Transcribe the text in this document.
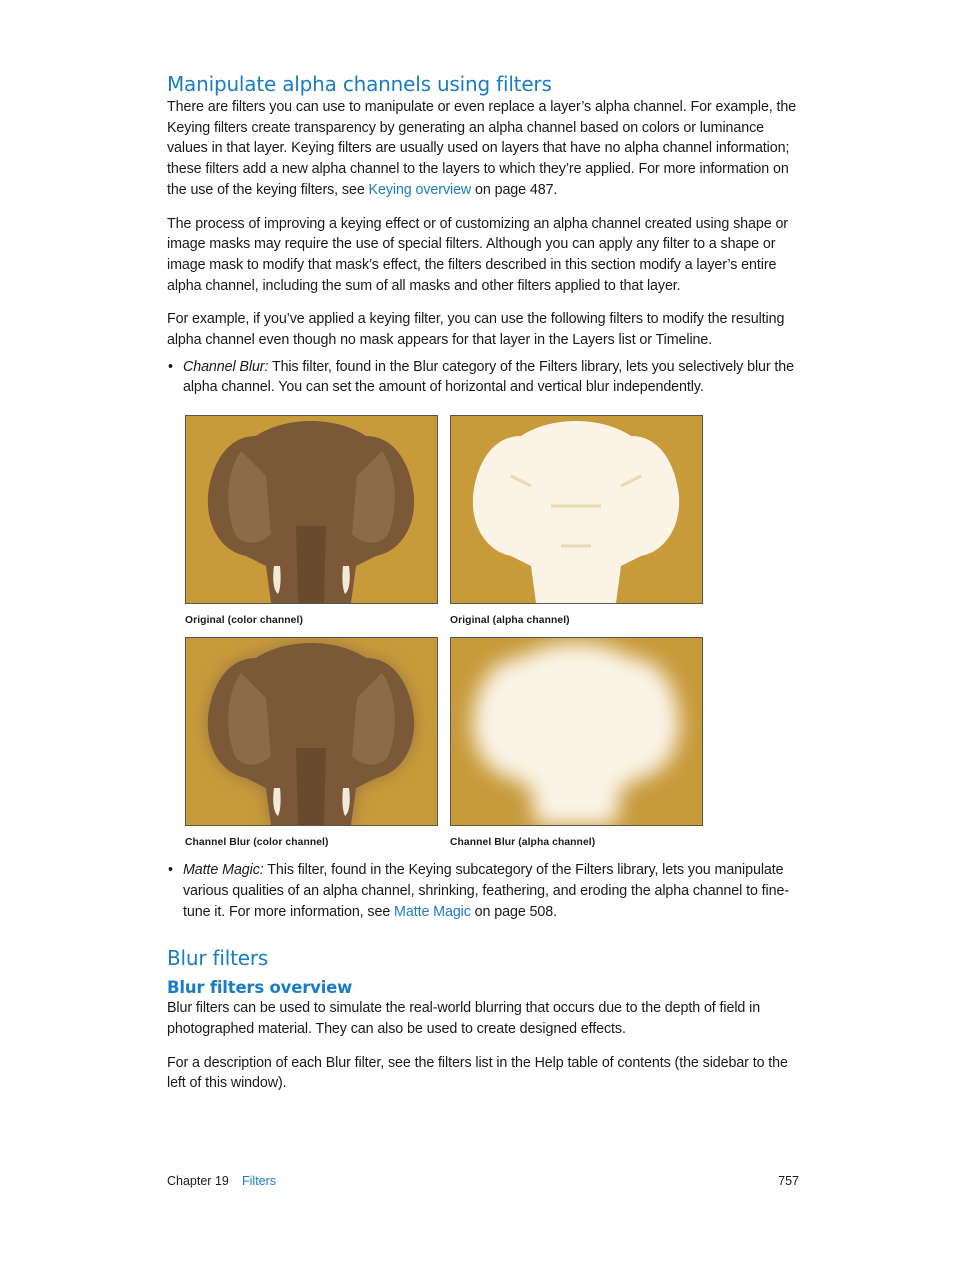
Manipulate alpha channels using filters

There are filters you can use to manipulate or even replace a layer’s alpha channel. For example, the Keying filters create transparency by generating an alpha channel based on colors or luminance values in that layer. Keying filters are usually used on layers that have no alpha channel information; these filters add a new alpha channel to the layers to which they’re applied. For more information on the use of the keying filters, see Keying overview on page 487.

The process of improving a keying effect or of customizing an alpha channel created using shape or image masks may require the use of special filters. Although you can apply any filter to a shape or image mask to modify that mask’s effect, the filters described in this section modify a layer’s entire alpha channel, including the sum of all masks and other filters applied to that layer.

For example, if you’ve applied a keying filter, you can use the following filters to modify the resulting alpha channel even though no mask appears for that layer in the Layers list or Timeline.

• Channel Blur: This filter, found in the Blur category of the Filters library, lets you selectively blur the alpha channel. You can set the amount of horizontal and vertical blur independently.
Original (color channel)	Original (alpha channel)
Channel Blur (color channel)	Channel Blur (alpha channel)
• Matte Magic: This filter, found in the Keying subcategory of the Filters library, lets you manipulate various qualities of an alpha channel, shrinking, feathering, and eroding the alpha channel to fine-tune it. For more information, see Matte Magic on page 508.
Blur filters
Blur filters overview

Blur filters can be used to simulate the real-world blurring that occurs due to the depth of field in photographed material. They can also be used to create designed effects.

For a description of each Blur filter, see the filters list in the Help table of contents (the sidebar to the left of this window).

Chapter 19 Filters	757
